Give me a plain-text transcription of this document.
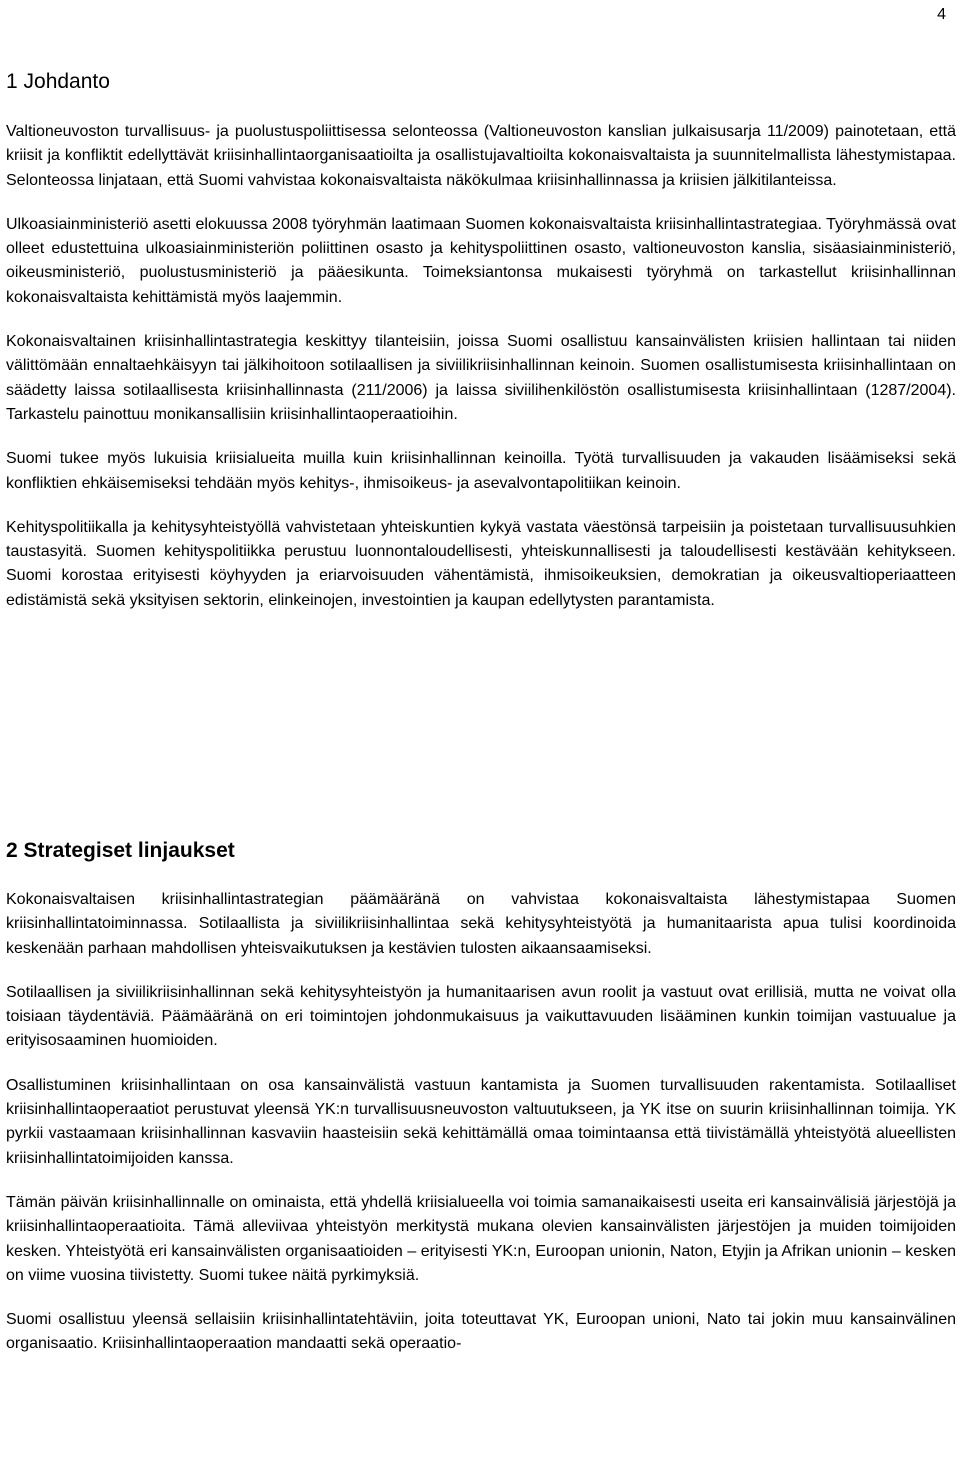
4
1 Johdanto

Valtioneuvoston turvallisuus- ja puolustuspoliittisessa selonteossa (Valtioneuvoston kanslian julkaisusarja 11/2009) painotetaan, että kriisit ja konfliktit edellyttävät kriisinhallintaorganisaatioilta ja osallistujavaltioilta kokonaisvaltaista ja suunnitelmallista lähestymistapaa. Selonteossa linjataan, että Suomi vahvistaa kokonaisvaltaista näkökulmaa kriisinhallinnassa ja kriisien jälkitilanteissa.

Ulkoasiainministeriö asetti elokuussa 2008 työryhmän laatimaan Suomen kokonaisvaltaista kriisinhallintastrategiaa. Työryhmässä ovat olleet edustettuina ulkoasiainministeriön poliittinen osasto ja kehityspoliittinen osasto, valtioneuvoston kanslia, sisäasiainministeriö, oikeusministeriö, puolustusministeriö ja pääesikunta. Toimeksiantonsa mukaisesti työryhmä on tarkastellut kriisinhallinnan kokonaisvaltaista kehittämistä myös laajemmin.

Kokonaisvaltainen kriisinhallintastrategia keskittyy tilanteisiin, joissa Suomi osallistuu kansainvälisten kriisien hallintaan tai niiden välittömään ennaltaehkäisyyn tai jälkihoitoon sotilaallisen ja siviilikriisinhallinnan keinoin. Suomen osallistumisesta kriisinhallintaan on säädetty laissa sotilaallisesta kriisinhallinnasta (211/2006) ja laissa siviilihenkilöstön osallistumisesta kriisinhallintaan (1287/2004). Tarkastelu painottuu monikansallisiin kriisinhallintaoperaatioihin.

Suomi tukee myös lukuisia kriisialueita muilla kuin kriisinhallinnan keinoilla. Työtä turvallisuuden ja vakauden lisäämiseksi sekä konfliktien ehkäisemiseksi tehdään myös kehitys-, ihmisoikeus- ja asevalvontapolitiikan keinoin.

Kehityspolitiikalla ja kehitysyhteistyöllä vahvistetaan yhteiskuntien kykyä vastata väestönsä tarpeisiin ja poistetaan turvallisuusuhkien taustasyitä. Suomen kehityspolitiikka perustuu luonnontaloudellisesti, yhteiskunnallisesti ja taloudellisesti kestävään kehitykseen. Suomi korostaa erityisesti köyhyyden ja eriarvoisuuden vähentämistä, ihmisoikeuksien, demokratian ja oikeusvaltioperiaatteen edistämistä sekä yksityisen sektorin, elinkeinojen, investointien ja kaupan edellytysten parantamista.

2 Strategiset linjaukset

Kokonaisvaltaisen kriisinhallintastrategian päämääränä on vahvistaa kokonaisvaltaista lähestymistapaa Suomen kriisinhallintatoiminnassa. Sotilaallista ja siviilikriisinhallintaa sekä kehitysyhteistyötä ja humanitaarista apua tulisi koordinoida keskenään parhaan mahdollisen yhteisvaikutuksen ja kestävien tulosten aikaansaamiseksi.

Sotilaallisen ja siviilikriisinhallinnan sekä kehitysyhteistyön ja humanitaarisen avun roolit ja vastuut ovat erillisiä, mutta ne voivat olla toisiaan täydentäviä. Päämääränä on eri toimintojen johdonmukaisuus ja vaikuttavuuden lisääminen kunkin toimijan vastuualue ja erityisosaaminen huomioiden.

Osallistuminen kriisinhallintaan on osa kansainvälistä vastuun kantamista ja Suomen turvallisuuden rakentamista. Sotilaalliset kriisinhallintaoperaatiot perustuvat yleensä YK:n turvallisuusneuvoston valtuutukseen, ja YK itse on suurin kriisinhallinnan toimija. YK pyrkii vastaamaan kriisinhallinnan kasvaviin haasteisiin sekä kehittämällä omaa toimintaansa että tiivistämällä yhteistyötä alueellisten kriisinhallintatoimijoiden kanssa.

Tämän päivän kriisinhallinnalle on ominaista, että yhdellä kriisialueella voi toimia samanaikaisesti useita eri kansainvälisiä järjestöjä ja kriisinhallintaoperaatioita. Tämä alleviivaa yhteistyön merkitystä mukana olevien kansainvälisten järjestöjen ja muiden toimijoiden kesken. Yhteistyötä eri kansainvälisten organisaatioiden – erityisesti YK:n, Euroopan unionin, Naton, Etyjin ja Afrikan unionin – kesken on viime vuosina tiivistetty. Suomi tukee näitä pyrkimyksiä.

Suomi osallistuu yleensä sellaisiin kriisinhallintatehtäviin, joita toteuttavat YK, Euroopan unioni, Nato tai jokin muu kansainvälinen organisaatio. Kriisinhallintaoperaation mandaatti sekä operaatio-
